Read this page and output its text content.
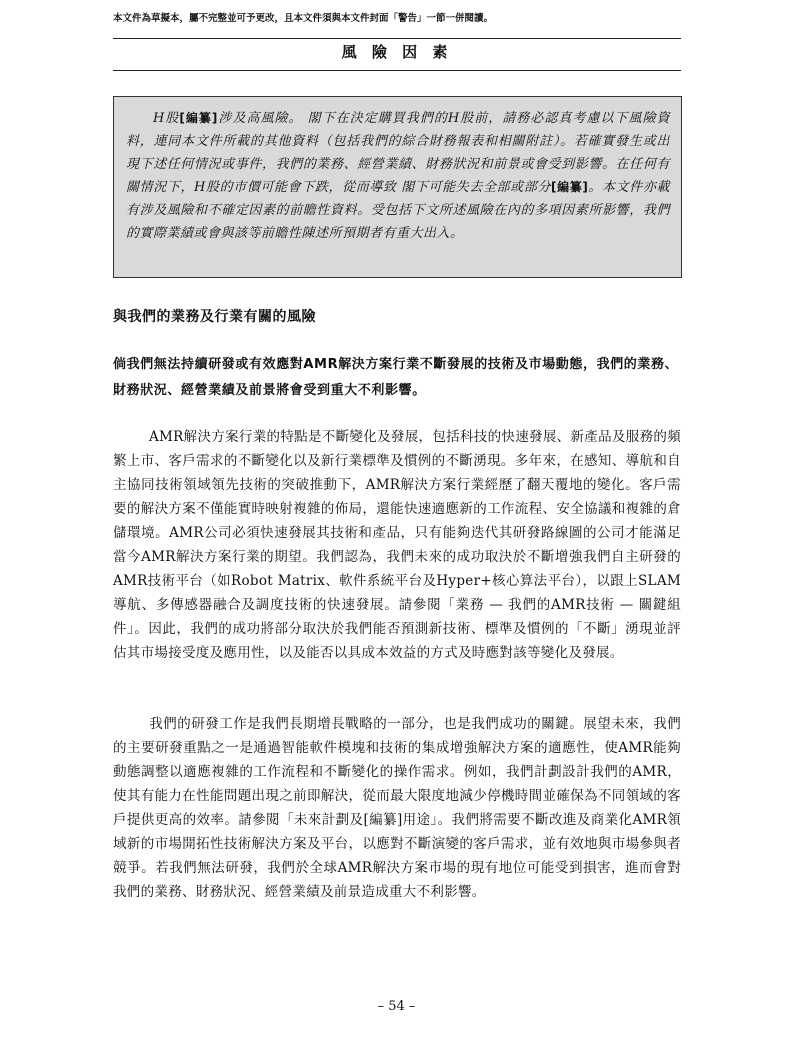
本文件為草擬本，屬不完整並可予更改，且本文件須與本文件封面「警告」一節一併閱讀。
風 險 因 素
H股[編纂]涉及高風險。 閣下在決定購買我們的H股前，請務必認真考慮以下風險資料，連同本文件所載的其他資料（包括我們的綜合財務報表和相關附註）。若確實發生或出現下述任何情況或事件，我們的業務、經營業績、財務狀況和前景或會受到影響。在任何有關情況下，H股的市價可能會下跌，從而導致 閣下可能失去全部或部分[編纂]。本文件亦載有涉及風險和不確定因素的前瞻性資料。受包括下文所述風險在內的多項因素所影響，我們的實際業績或會與該等前瞻性陳述所預期者有重大出入。
與我們的業務及行業有關的風險
倘我們無法持續研發或有效應對AMR解決方案行業不斷發展的技術及市場動態，我們的業務、財務狀況、經營業績及前景將會受到重大不利影響。
AMR解決方案行業的特點是不斷變化及發展，包括科技的快速發展、新產品及服務的頻繁上市、客戶需求的不斷變化以及新行業標準及慣例的不斷湧現。多年來，在感知、導航和自主協同技術領域領先技術的突破推動下，AMR解決方案行業經歷了翻天覆地的變化。客戶需要的解決方案不僅能實時映射複雜的佈局，還能快速適應新的工作流程、安全協議和複雜的倉儲環境。AMR公司必須快速發展其技術和產品，只有能夠迭代其研發路線圖的公司才能滿足當今AMR解決方案行業的期望。我們認為，我們未來的成功取決於不斷增強我們自主研發的AMR技術平台（如Robot Matrix、軟件系統平台及Hyper+核心算法平台），以跟上SLAM導航、多傳感器融合及調度技術的快速發展。請參閱「業務 — 我們的AMR技術 — 關鍵組件」。因此，我們的成功將部分取決於我們能否預測新技術、標準及慣例的「不斷」湧現並評估其市場接受度及應用性，以及能否以具成本效益的方式及時應對該等變化及發展。
我們的研發工作是我們長期增長戰略的一部分，也是我們成功的關鍵。展望未來，我們的主要研發重點之一是通過智能軟件模塊和技術的集成增強解決方案的適應性，使AMR能夠動態調整以適應複雜的工作流程和不斷變化的操作需求。例如，我們計劃設計我們的AMR，使其有能力在性能問題出現之前即解決，從而最大限度地減少停機時間並確保為不同領域的客戶提供更高的效率。請參閱「未來計劃及[編纂]用途」。我們將需要不斷改進及商業化AMR領域新的市場開拓性技術解決方案及平台，以應對不斷演變的客戶需求，並有效地與市場參與者競爭。若我們無法研發，我們於全球AMR解決方案市場的現有地位可能受到損害，進而會對我們的業務、財務狀況、經營業績及前景造成重大不利影響。
– 54 –
